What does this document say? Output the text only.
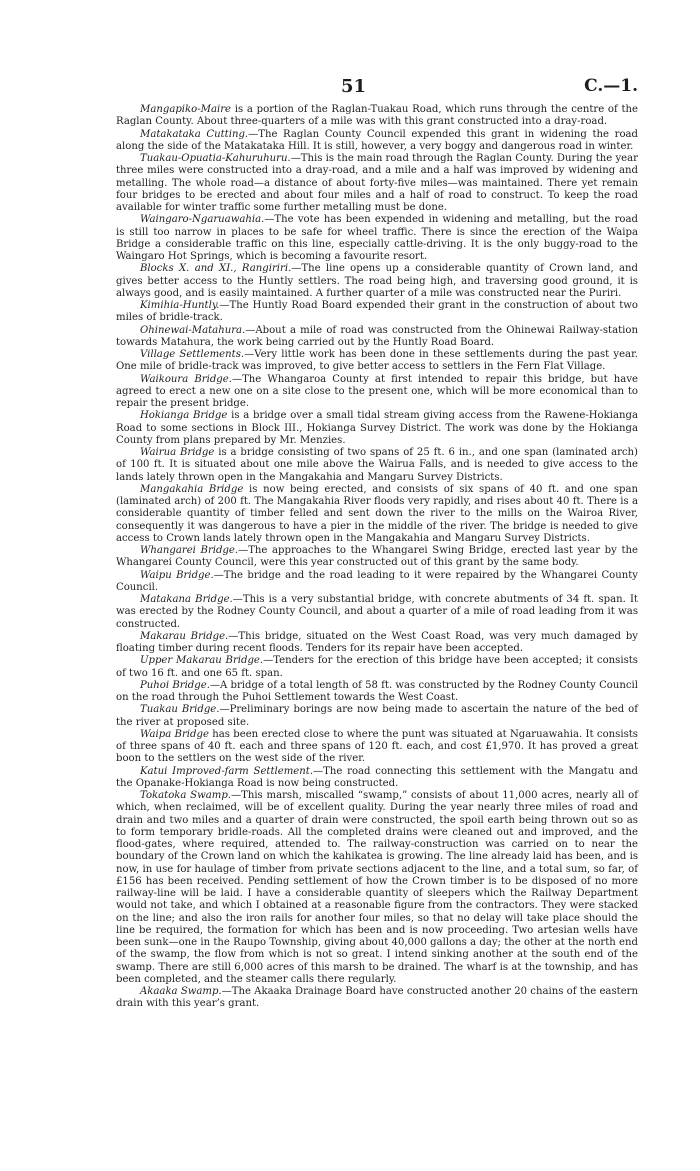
51	C.—1.

Mangapiko-Maire is a portion of the Raglan-Tuakau Road, which runs through the centre of the Raglan County. About three-quarters of a mile was with this grant constructed into a dray-road.

Matakataka Cutting.—The Raglan County Council expended this grant in widening the road along the side of the Matakataka Hill. It is still, however, a very boggy and dangerous road in winter.

Tuakau-Opuatia-Kahuruhuru.—This is the main road through the Raglan County. During the year three miles were constructed into a dray-road, and a mile and a half was improved by widening and metalling. The whole road—a distance of about forty-five miles—was maintained. There yet remain four bridges to be erected and about four miles and a half of road to construct. To keep the road available for winter traffic some further metalling must be done.

Waingaro-Ngaruawahia.—The vote has been expended in widening and metalling, but the road is still too narrow in places to be safe for wheel traffic. There is since the erection of the Waipa Bridge a considerable traffic on this line, especially cattle-driving. It is the only buggy-road to the Waingaro Hot Springs, which is becoming a favourite resort.

Blocks X. and XI., Rangiriri.—The line opens up a considerable quantity of Crown land, and gives better access to the Huntly settlers. The road being high, and traversing good ground, it is always good, and is easily maintained. A further quarter of a mile was constructed near the Puriri.

Kimihia-Huntly.—The Huntly Road Board expended their grant in the construction of about two miles of bridle-track.

Ohinewai-Matahura.—About a mile of road was constructed from the Ohinewai Railway-station towards Matahura, the work being carried out by the Huntly Road Board.

Village Settlements.—Very little work has been done in these settlements during the past year. One mile of bridle-track was improved, to give better access to settlers in the Fern Flat Village.

Waikoura Bridge.—The Whangaroa County at first intended to repair this bridge, but have agreed to erect a new one on a site close to the present one, which will be more economical than to repair the present bridge.

Hokianga Bridge is a bridge over a small tidal stream giving access from the Rawene-Hokianga Road to some sections in Block III., Hokianga Survey District. The work was done by the Hokianga County from plans prepared by Mr. Menzies.

Wairua Bridge is a bridge consisting of two spans of 25 ft. 6 in., and one span (laminated arch) of 100 ft. It is situated about one mile above the Wairua Falls, and is needed to give access to the lands lately thrown open in the Mangakahia and Mangaru Survey Districts.

Mangakahia Bridge is now being erected, and consists of six spans of 40 ft. and one span (laminated arch) of 200 ft. The Mangakahia River floods very rapidly, and rises about 40 ft. There is a considerable quantity of timber felled and sent down the river to the mills on the Wairoa River, consequently it was dangerous to have a pier in the middle of the river. The bridge is needed to give access to Crown lands lately thrown open in the Mangakahia and Mangaru Survey Districts.

Whangarei Bridge.—The approaches to the Whangarei Swing Bridge, erected last year by the Whangarei County Council, were this year constructed out of this grant by the same body.

Waipu Bridge.—The bridge and the road leading to it were repaired by the Whangarei County Council.

Matakana Bridge.—This is a very substantial bridge, with concrete abutments of 34 ft. span. It was erected by the Rodney County Council, and about a quarter of a mile of road leading from it was constructed.

Makarau Bridge.—This bridge, situated on the West Coast Road, was very much damaged by floating timber during recent floods. Tenders for its repair have been accepted.

Upper Makarau Bridge.—Tenders for the erection of this bridge have been accepted; it consists of two 16 ft. and one 65 ft. span.

Puhoi Bridge.—A bridge of a total length of 58 ft. was constructed by the Rodney County Council on the road through the Puhoi Settlement towards the West Coast.

Tuakau Bridge.—Preliminary borings are now being made to ascertain the nature of the bed of the river at proposed site.

Waipa Bridge has been erected close to where the punt was situated at Ngaruawahia. It consists of three spans of 40 ft. each and three spans of 120 ft. each, and cost £1,970. It has proved a great boon to the settlers on the west side of the river.

Katui Improved-farm Settlement.—The road connecting this settlement with the Mangatu and the Opanake-Hokianga Road is now being constructed.

Tokatoka Swamp.—This marsh, miscalled “swamp,” consists of about 11,000 acres, nearly all of which, when reclaimed, will be of excellent quality. During the year nearly three miles of road and drain and two miles and a quarter of drain were constructed, the spoil earth being thrown out so as to form temporary bridle-roads. All the completed drains were cleaned out and improved, and the flood-gates, where required, attended to. The railway-construction was carried on to near the boundary of the Crown land on which the kahikatea is growing. The line already laid has been, and is now, in use for haulage of timber from private sections adjacent to the line, and a total sum, so far, of £156 has been received. Pending settlement of how the Crown timber is to be disposed of no more railway-line will be laid. I have a considerable quantity of sleepers which the Railway Department would not take, and which I obtained at a reasonable figure from the contractors. They were stacked on the line; and also the iron rails for another four miles, so that no delay will take place should the line be required, the formation for which has been and is now proceeding. Two artesian wells have been sunk—one in the Raupo Township, giving about 40,000 gallons a day; the other at the north end of the swamp, the flow from which is not so great. I intend sinking another at the south end of the swamp. There are still 6,000 acres of this marsh to be drained. The wharf is at the township, and has been completed, and the steamer calls there regularly.

Akaaka Swamp.—The Akaaka Drainage Board have constructed another 20 chains of the eastern drain with this year’s grant.
